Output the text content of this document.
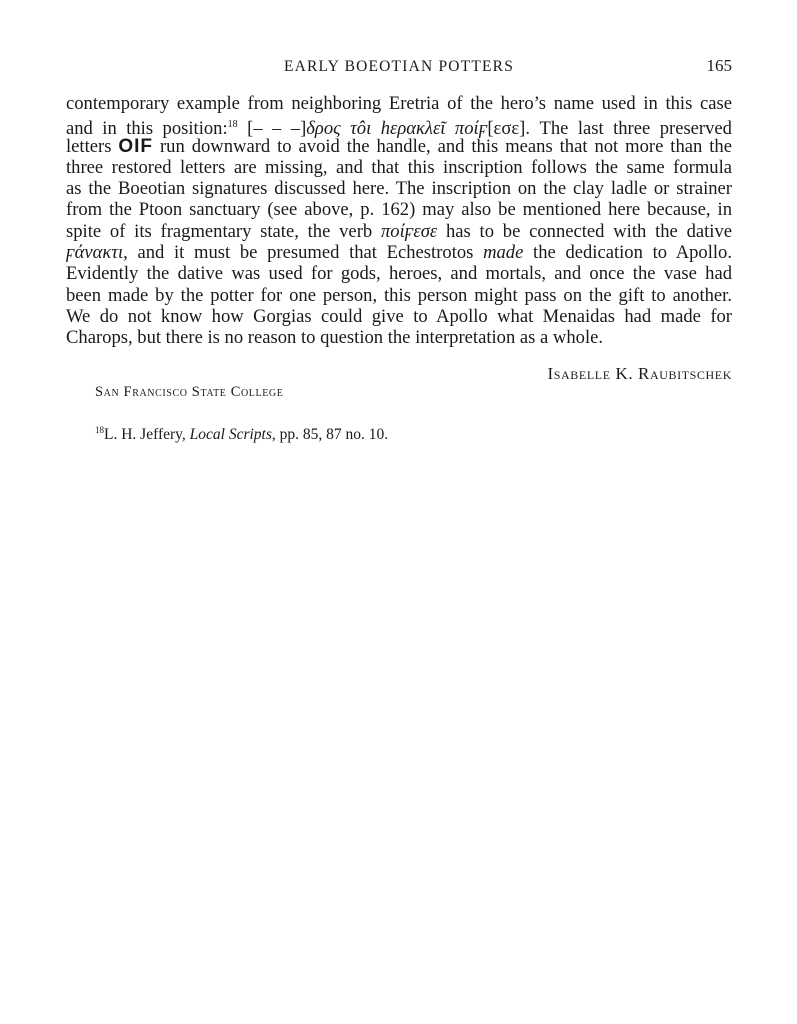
EARLY BOEOTIAN POTTERS	165
contemporary example from neighboring Eretria of the hero’s name used in this case
and in this position:$^{18}$ [– – –]δρος τôι hερακλεῖ ποίϝ[εσε]. The last three preserved
letters OIF run downward to avoid the handle, and this means that not more than the
three restored letters are missing, and that this inscription follows the same formula
as the Boeotian signatures discussed here. The inscription on the clay ladle or strainer
from the Ptoon sanctuary (see above, p. 162) may also be mentioned here because, in
spite of its fragmentary state, the verb ποίϝεσε has to be connected with the dative
ϝάνακτι, and it must be presumed that Echestrotos made the dedication to Apollo.
Evidently the dative was used for gods, heroes, and mortals, and once the vase had
been made by the potter for one person, this person might pass on the gift to another.
We do not know how Gorgias could give to Apollo what Menaidas had made for
Charops, but there is no reason to question the interpretation as a whole.
Isabelle K. Raubitschek
San Francisco State College
$^{18}$L. H. Jeffery, Local Scripts, pp. 85, 87 no. 10.
